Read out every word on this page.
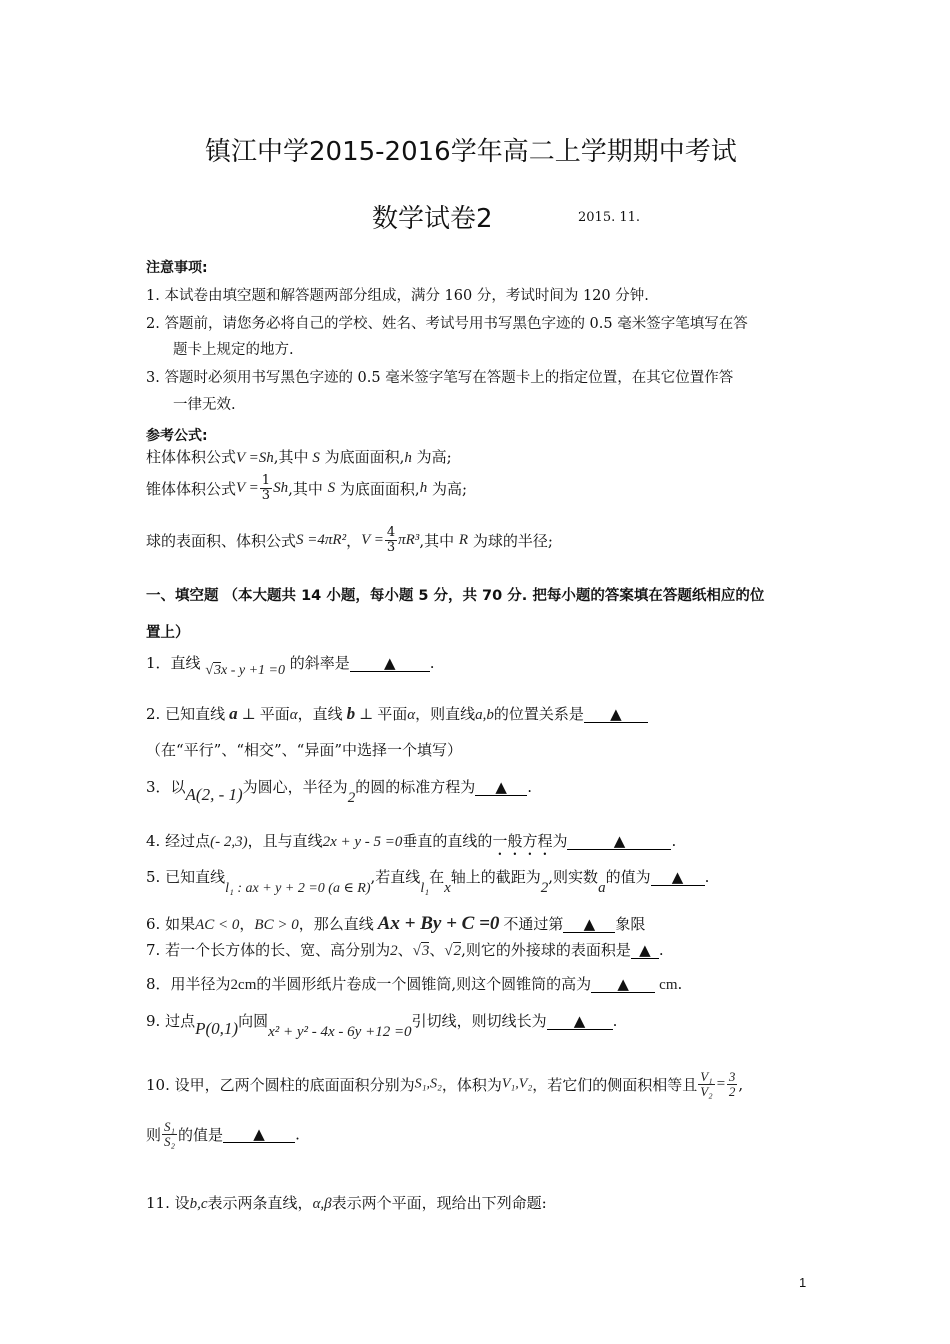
镇江中学2015-2016学年高二上学期期中考试
数学试卷2	2015. 11.
注意事项:
1. 本试卷由填空题和解答题两部分组成，满分 160 分，考试时间为 120 分钟.
2. 答题前，请您务必将自己的学校、姓名、考试号用书写黑色字迹的 0.5 毫米签字笔填写在答
题卡上规定的地方.
3. 答题时必须用书写黑色字迹的 0.5 毫米签字笔写在答题卡上的指定位置，在其它位置作答
一律无效.
参考公式:
柱体体积公式V =Sh,其中 S 为底面面积,h 为高;
锥体体积公式$V = \frac{1}{3} Sh$,其中 S 为底面面积,h 为高;
球的表面积、体积公式S =4πR²，$V = \frac{4}{3} \pi R^3$,其中 R 为球的半径;
一、填空题 （本大题共 14 小题，每小题 5 分，共 70 分. 把每小题的答案填在答题纸相应的位
置上）
1．直线 √3x - y +1 =0 的斜率是 ▲ .
2. 已知直线 a ⊥ 平面α，直线 b ⊥ 平面α，则直线a,b的位置关系是 ▲
（在“平行”、“相交”、“异面”中选择一个填写）
3．以A(2, - 1)为圆心，半径为2的圆的标准方程为 ▲ .
4. 经过点(- 2,3)，且与直线2x + y - 5 =0垂直的直线的一般方程为	▲	.
5. 已知直线l₁ : ax + y + 2 =0 (a ∈ R),若直线l₁在x轴上的截距为2,则实数a的值为 ▲ .
6. 如果AC < 0，BC > 0，那么直线 Ax + By + C =0 不通过第 ▲ 象限
7. 若一个长方体的长、宽、高分别为2、√3、√2,则它的外接球的表面积是 ▲ .
8．用半径为2cm的半圆形纸片卷成一个圆锥筒,则这个圆锥筒的高为 ▲ cm.
9. 过点P(0,1)向圆x² + y² - 4x - 6y +12 =0引切线，则切线长为 ▲ .
10. 设甲，乙两个圆柱的底面面积分别为S₁,S₂，体积为V₁,V₂，若它们的侧面积相等且 $\frac{\text{V₁}}{\text{V₂}} = \frac{3}{2}$ ,
则 $\frac{\text{S₁}}{\text{S₂}}$ 的值是 ▲ .
11. 设b,c表示两条直线，α,β表示两个平面，现给出下列命题:
1
